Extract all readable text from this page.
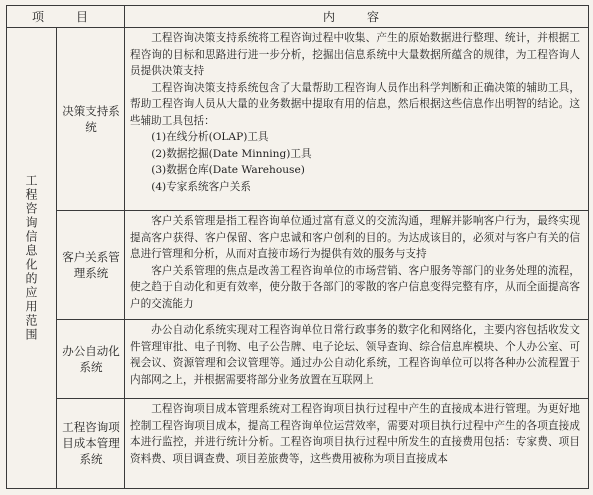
项　目	内　容
工程咨询信息化的应用范围
决策支持系统

工程咨询决策支持系统将工程咨询过程中收集、产生的原始数据进行整理、统计，并根据工程咨询的目标和思路进行进一步分析，挖掘出信息系统中大量数据所蕴含的规律，为工程咨询人员提供决策支持

工程咨询决策支持系统包含了大量帮助工程咨询人员作出科学判断和正确决策的辅助工具，帮助工程咨询人员从大量的业务数据中提取有用的信息，然后根据这些信息作出明智的结论。这些辅助工具包括：

(1)在线分析(OLAP)工具

(2)数据挖掘(Date Minning)工具

(3)数据仓库(Date Warehouse)

(4)专家系统客户关系

客户关系管理系统

客户关系管理是指工程咨询单位通过富有意义的交流沟通，理解并影响客户行为，最终实现提高客户获得、客户保留、客户忠诚和客户创利的目的。为达成该目的，必须对与客户有关的信息进行管理和分析，从而对直接市场行为提供有效的服务与支持

客户关系管理的焦点是改善工程咨询单位的市场营销、客户服务等部门的业务处理的流程，使之趋于自动化和更有效率，使分散于各部门的零散的客户信息变得完整有序，从而全面提高客户的交流能力

办公自动化系统

办公自动化系统实现对工程咨询单位日常行政事务的数字化和网络化，主要内容包括收发文件管理审批、电子刊物、电子公告牌、电子论坛、领导查询、综合信息库模块、个人办公室、可视会议、资源管理和会议管理等。通过办公自动化系统，工程咨询单位可以将各种办公流程置于内部网之上，并根据需要将部分业务放置在互联网上

工程咨询项目成本管理系统

工程咨询项目成本管理系统对工程咨询项目执行过程中产生的直接成本进行管理。为更好地控制工程咨询项目成本，提高工程咨询单位运营效率，需要对项目执行过程中产生的各项直接成本进行监控，并进行统计分析。工程咨询项目执行过程中所发生的直接费用包括：专家费、项目资料费、项目调查费、项目差旅费等，这些费用被称为项目直接成本
